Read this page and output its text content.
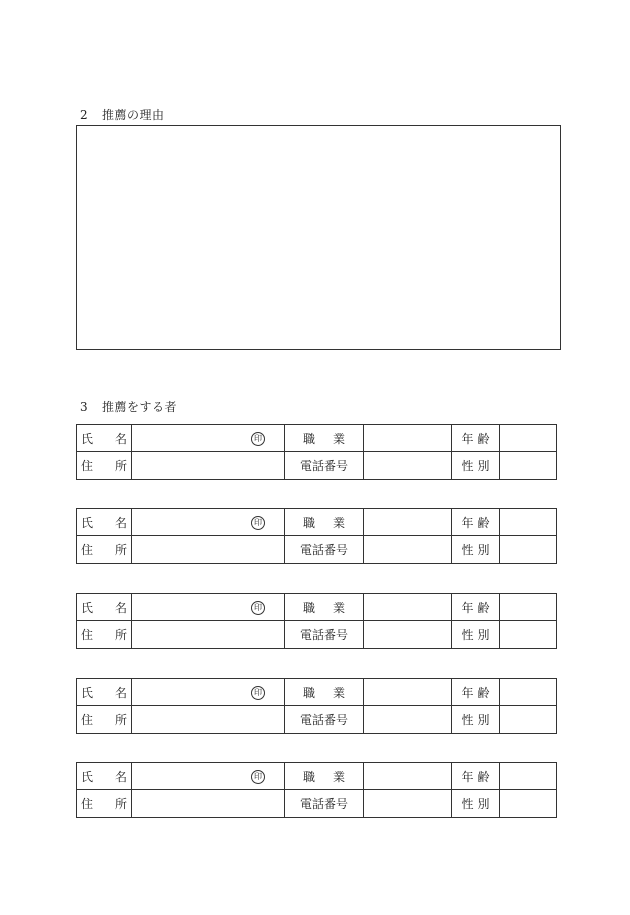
2 推薦の理由
3 推薦をする者
氏 名	印	職 業		年 齢	
住 所		電話番号		性 別	
氏 名	印	職 業		年 齢	
住 所		電話番号		性 別	
氏 名	印	職 業		年 齢	
住 所		電話番号		性 別	
氏 名	印	職 業		年 齢	
住 所		電話番号		性 別	
氏 名	印	職 業		年 齢	
住 所		電話番号		性 別	
